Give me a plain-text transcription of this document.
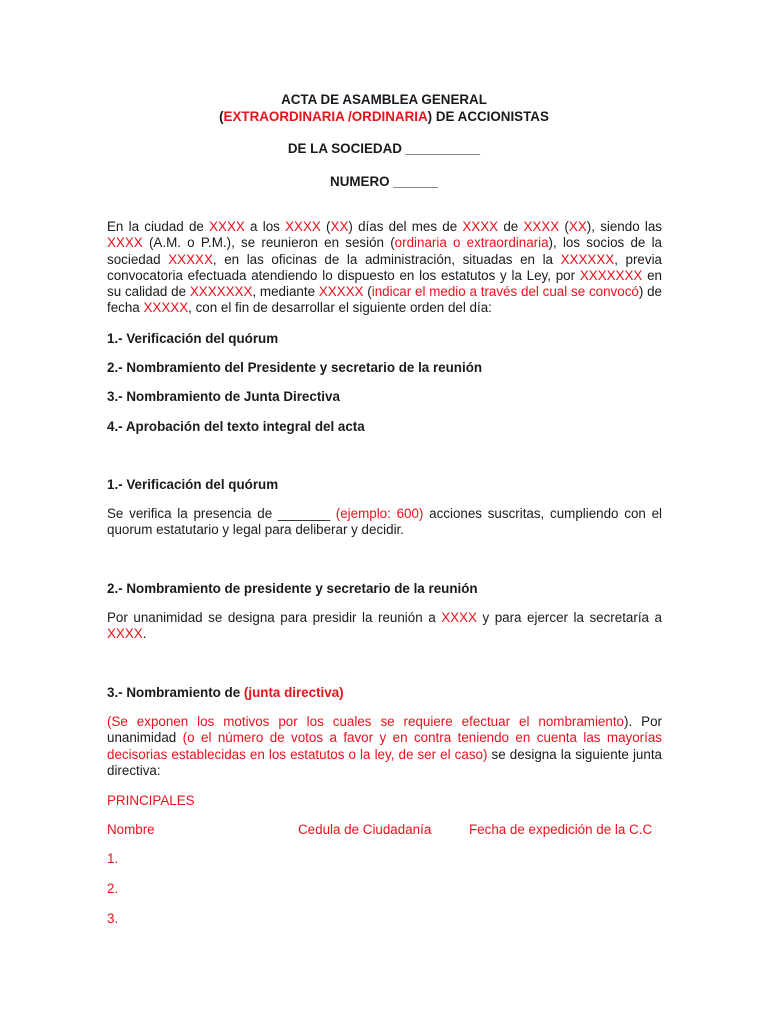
ACTA DE ASAMBLEA GENERAL
(EXTRAORDINARIA /ORDINARIA) DE ACCIONISTAS
DE LA SOCIEDAD __________
NUMERO ______
En la ciudad de XXXX a los XXXX (XX) días del mes de XXXX de XXXX (XX), siendo las XXXX (A.M. o P.M.), se reunieron en sesión (ordinaria o extraordinaria), los socios de la sociedad XXXXX, en las oficinas de la administración, situadas en la XXXXXX, previa convocatoria efectuada atendiendo lo dispuesto en los estatutos y la Ley, por XXXXXXX en su calidad de XXXXXXX, mediante XXXXX (indicar el medio a través del cual se convocó) de fecha XXXXX, con el fin de desarrollar el siguiente orden del día:
1.- Verificación del quórum
2.- Nombramiento del Presidente y secretario de la reunión
3.- Nombramiento de Junta Directiva
4.- Aprobación del texto integral del acta
1.- Verificación del quórum
Se verifica la presencia de _______ (ejemplo: 600) acciones suscritas, cumpliendo con el quorum estatutario y legal para deliberar y decidir.
2.- Nombramiento de presidente y secretario de la reunión
Por unanimidad se designa para presidir la reunión a XXXX y para ejercer la secretaría a XXXX.
3.- Nombramiento de (junta directiva)
(Se exponen los motivos por los cuales se requiere efectuar el nombramiento). Por unanimidad (o el número de votos a favor y en contra teniendo en cuenta las mayorías decisorias establecidas en los estatutos o la ley, de ser el caso) se designa la siguiente junta directiva:
PRINCIPALES
Nombre	Cedula de Ciudadanía	Fecha de expedición de la C.C
1.
2.
3.
